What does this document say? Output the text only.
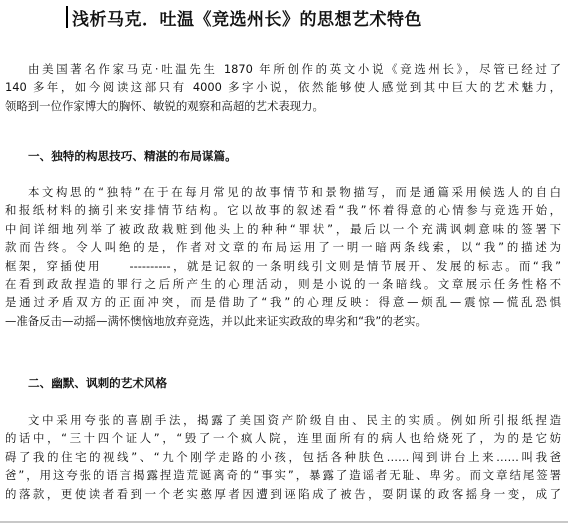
浅析马克．吐温《竞选州长》的思想艺术特色
由美国著名作家马克·吐温先生 1870 年所创作的英文小说《竞选州长》，尽管已经过了
140 多年，如今阅读这部只有 4000 多字小说，依然能够使人感觉到其中巨大的艺术魅力，
领略到一位作家博大的胸怀、敏锐的观察和高超的艺术表现力。
一、独特的构思技巧、精湛的布局谋篇。
本文构思的“独特”在于在每月常见的故事情节和景物描写，而是通篇采用候选人的自白
和报纸材料的摘引来安排情节结构。它以故事的叙述看“我”怀着得意的心情参与竞选开始，
中间详细地列举了被政敌栽赃到他头上的种种“罪状”，最后以一个充满讽刺意味的签署下
款而告终。令人叫绝的是，作者对文章的布局运用了一明一暗两条线索，以“我”的描述为
框架，穿插使用　　----------，就是记叙的一条明线引文则是情节展开、发展的标志。而“我”
在看到政敌捏造的罪行之后所产生的心理活动，则是小说的一条暗线。文章展示任务性格不
是通过矛盾双方的正面冲突，而是借助了“我”的心理反映：得意—烦乱—震惊—慌乱恐惧
—准备反击—动摇—满怀懊恼地放弃竞选，并以此来证实政敌的卑劣和“我”的老实。
二、幽默、讽刺的艺术风格
文中采用夸张的喜剧手法，揭露了美国资产阶级自由、民主的实质。例如所引报纸捏造
的话中，“三十四个证人”，“毁了一个疯人院，连里面所有的病人也给烧死了，为的是它妨
碍了我的住宅的视线”、“九个刚学走路的小孩，包括各种肤色……闯到讲台上来……叫我爸
爸”，用这夸张的语言揭露捏造荒诞离奇的“事实”，暴露了造谣者无耻、卑劣。而文章结尾签署
的落款，更使读者看到一个老实憨厚者因遭到诬陷成了被告，耍阴谋的政客摇身一变，成了
